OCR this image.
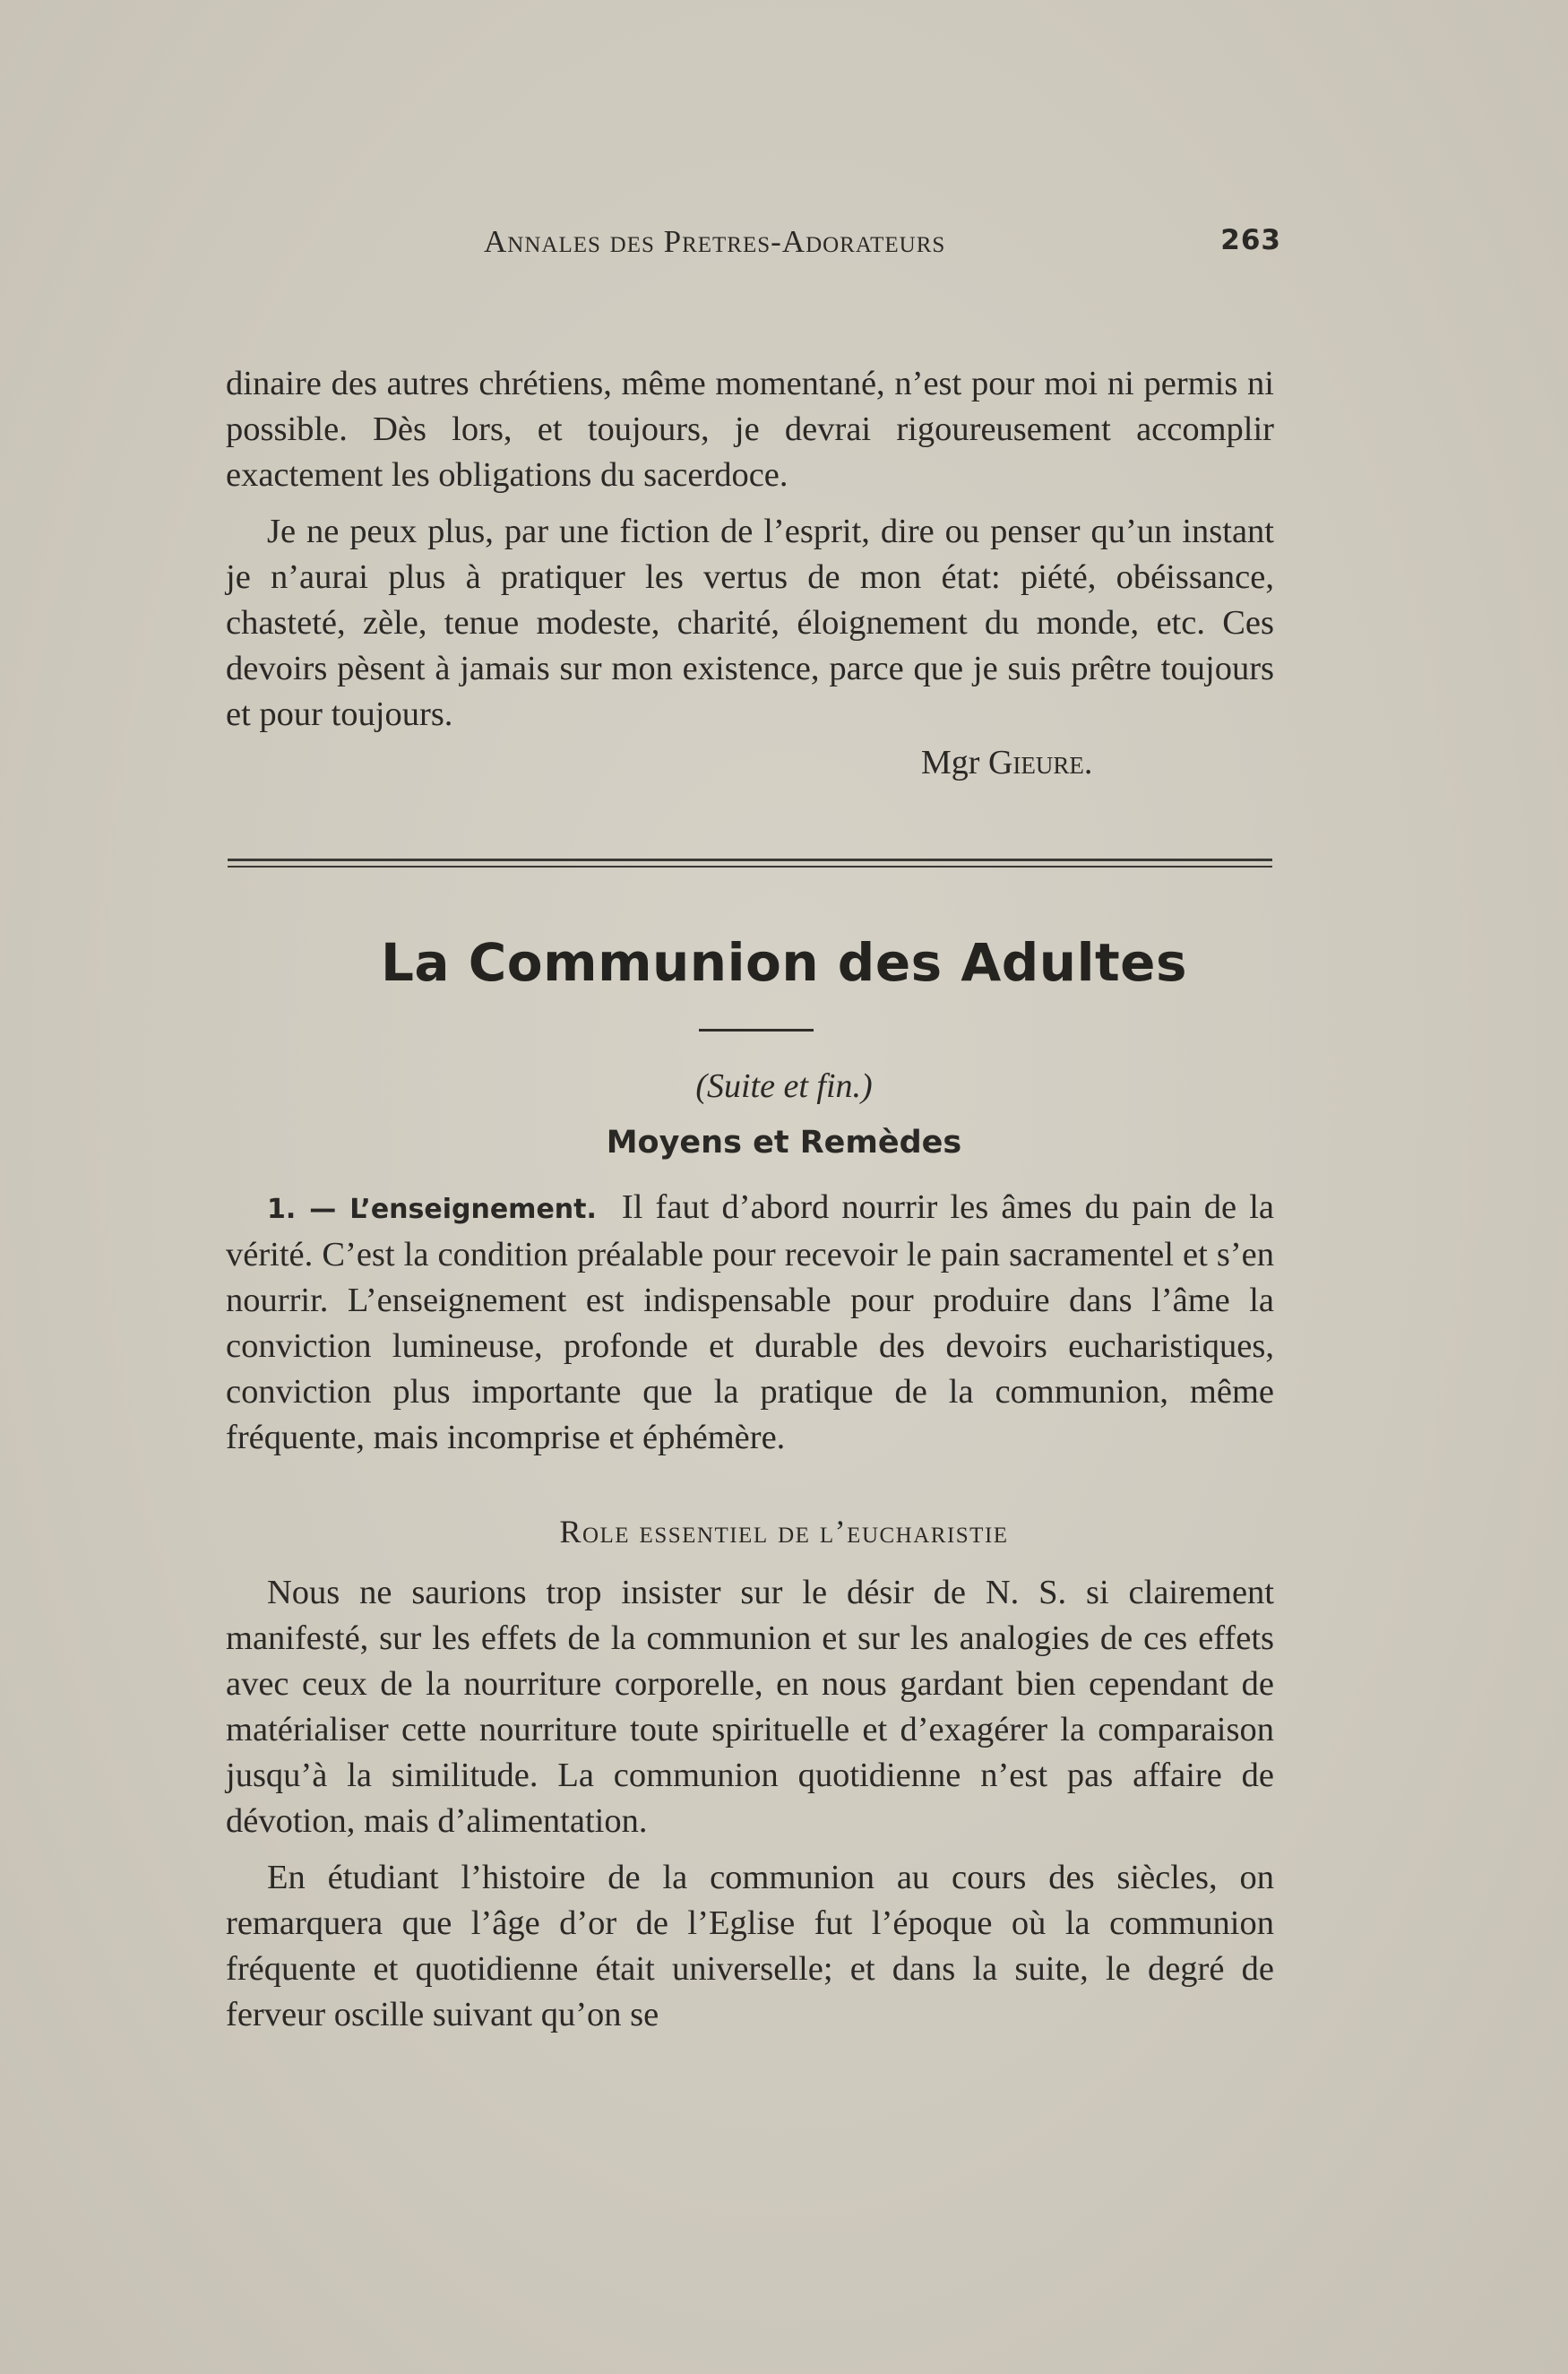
Annales des Pretres-Adorateurs	263

dinaire des autres chrétiens, même momentané, n’est pour moi ni permis ni possible. Dès lors, et toujours, je devrai rigoureusement accomplir exactement les obligations du sacerdoce.

Je ne peux plus, par une fiction de l’esprit, dire ou penser qu’un instant je n’aurai plus à pratiquer les vertus de mon état: piété, obéissance, chasteté, zèle, tenue modeste, charité, éloignement du monde, etc. Ces devoirs pèsent à jamais sur mon existence, parce que je suis prêtre toujours et pour toujours.

Mgr Gieure.
La Communion des Adultes
(Suite et fin.)
Moyens et Remèdes

1. — L’enseignement. Il faut d’abord nourrir les âmes du pain de la vérité. C’est la condition préalable pour recevoir le pain sacramentel et s’en nourrir. L’enseignement est indispensable pour produire dans l’âme la conviction lumineuse, profonde et durable des devoirs eucharistiques, conviction plus importante que la pratique de la communion, même fréquente, mais incomprise et éphémère.

Role essentiel de l’eucharistie

Nous ne saurions trop insister sur le désir de N. S. si clairement manifesté, sur les effets de la communion et sur les analogies de ces effets avec ceux de la nourriture corporelle, en nous gardant bien cependant de matérialiser cette nourriture toute spirituelle et d’exagérer la comparaison jusqu’à la similitude. La communion quotidienne n’est pas affaire de dévotion, mais d’alimentation.

En étudiant l’histoire de la communion au cours des siècles, on remarquera que l’âge d’or de l’Eglise fut l’époque où la communion fréquente et quotidienne était universelle; et dans la suite, le degré de ferveur oscille suivant qu’on se
